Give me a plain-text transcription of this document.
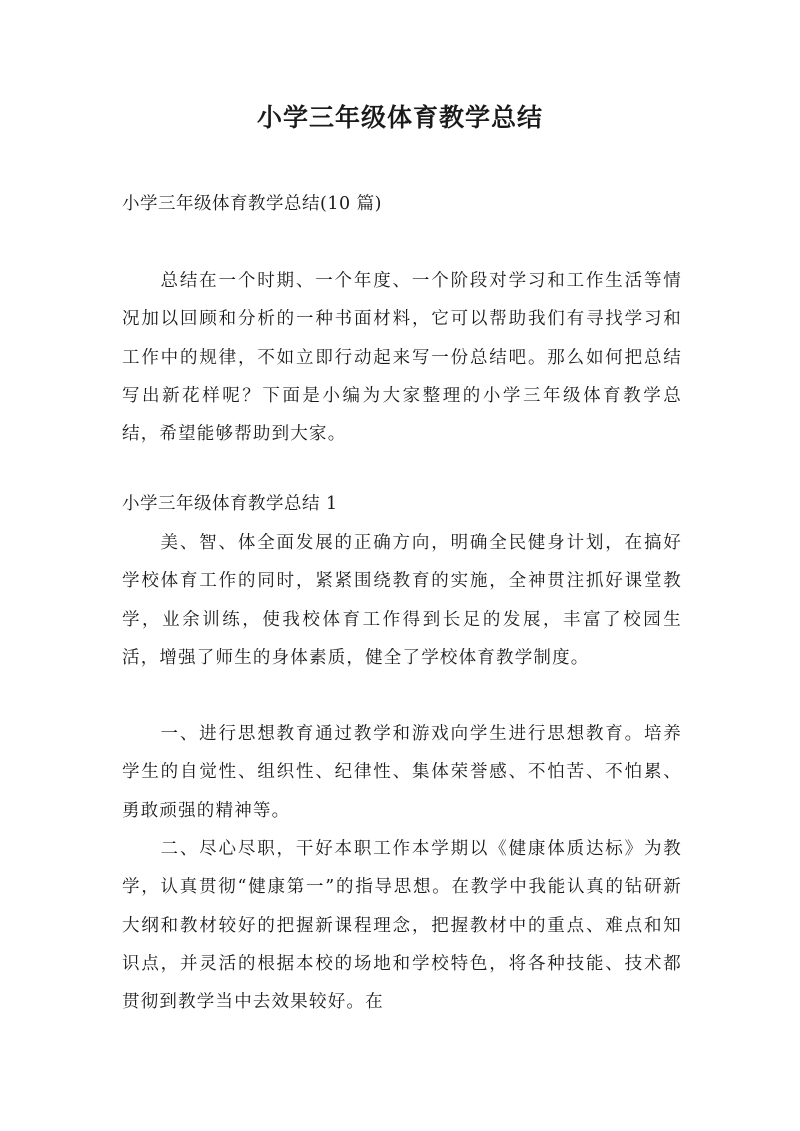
小学三年级体育教学总结
小学三年级体育教学总结(10 篇)

总结在一个时期、一个年度、一个阶段对学习和工作生活等情况加以回顾和分析的一种书面材料，它可以帮助我们有寻找学习和工作中的规律，不如立即行动起来写一份总结吧。那么如何把总结写出新花样呢？下面是小编为大家整理的小学三年级体育教学总结，希望能够帮助到大家。

小学三年级体育教学总结 1

美、智、体全面发展的正确方向，明确全民健身计划，在搞好学校体育工作的同时，紧紧围绕教育的实施，全神贯注抓好课堂教学，业余训练，使我校体育工作得到长足的发展，丰富了校园生活，增强了师生的身体素质，健全了学校体育教学制度。

一、进行思想教育通过教学和游戏向学生进行思想教育。培养学生的自觉性、组织性、纪律性、集体荣誉感、不怕苦、不怕累、勇敢顽强的精神等。

二、尽心尽职，干好本职工作本学期以《健康体质达标》为教学，认真贯彻“健康第一”的指导思想。在教学中我能认真的钻研新大纲和教材较好的把握新课程理念，把握教材中的重点、难点和知识点，并灵活的根据本校的场地和学校特色，将各种技能、技术都贯彻到教学当中去效果较好。在
